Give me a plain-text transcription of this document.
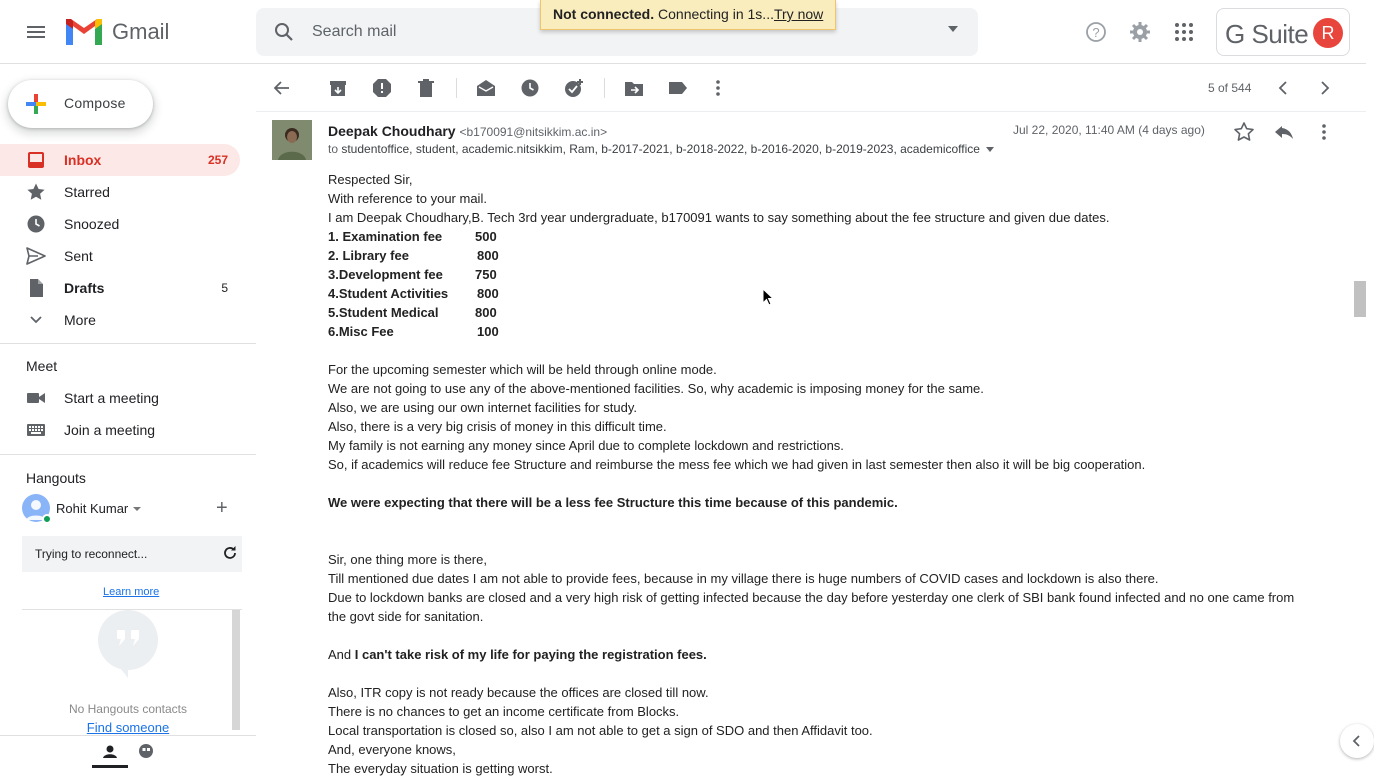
Gmail
Search mail
Not connected. Connecting in 1s...Try now
?	G Suite R
Compose
Inbox	257
Starred
Snoozed
Sent
Drafts	5
More
Meet
Start a meeting
Join a meeting
Hangouts
Rohit Kumar	+
Trying to reconnect...
Learn more
No Hangouts contacts
Find someone
5 of 544
Deepak Choudhary <b170091@nitsikkim.ac.in>
to studentoffice, student, academic.nitsikkim, Ram, b-2017-2021, b-2018-2022, b-2016-2020, b-2019-2023, academicoffice
Jul 22, 2020, 11:40 AM (4 days ago)
Respected Sir,
With reference to your mail.
I am Deepak Choudhary,B. Tech 3rd year undergraduate, b170091 wants to say something about the fee structure and given due dates.
1. Examination fee	500
2. Library fee	800
3.Development fee 750
4.Student Activities 800
5.Student Medical	800
6.Misc Fee	100
For the upcoming semester which will be held through online mode.
We are not going to use any of the above-mentioned facilities. So, why academic is imposing money for the same.
Also, we are using our own internet facilities for study.
Also, there is a very big crisis of money in this difficult time.
My family is not earning any money since April due to complete lockdown and restrictions.
So, if academics will reduce fee Structure and reimburse the mess fee which we had given in last semester then also it will be big cooperation.
We were expecting that there will be a less fee Structure this time because of this pandemic.
Sir, one thing more is there,
Till mentioned due dates I am not able to provide fees, because in my village there is huge numbers of COVID cases and lockdown is also there.
Due to lockdown banks are closed and a very high risk of getting infected because the day before yesterday one clerk of SBI bank found infected and no one came from
the govt side for sanitation.
And I can't take risk of my life for paying the registration fees.
Also, ITR copy is not ready because the offices are closed till now.
There is no chances to get an income certificate from Blocks.
Local transportation is closed so, also I am not able to get a sign of SDO and then Affidavit too.
And, everyone knows,
The everyday situation is getting worst.
